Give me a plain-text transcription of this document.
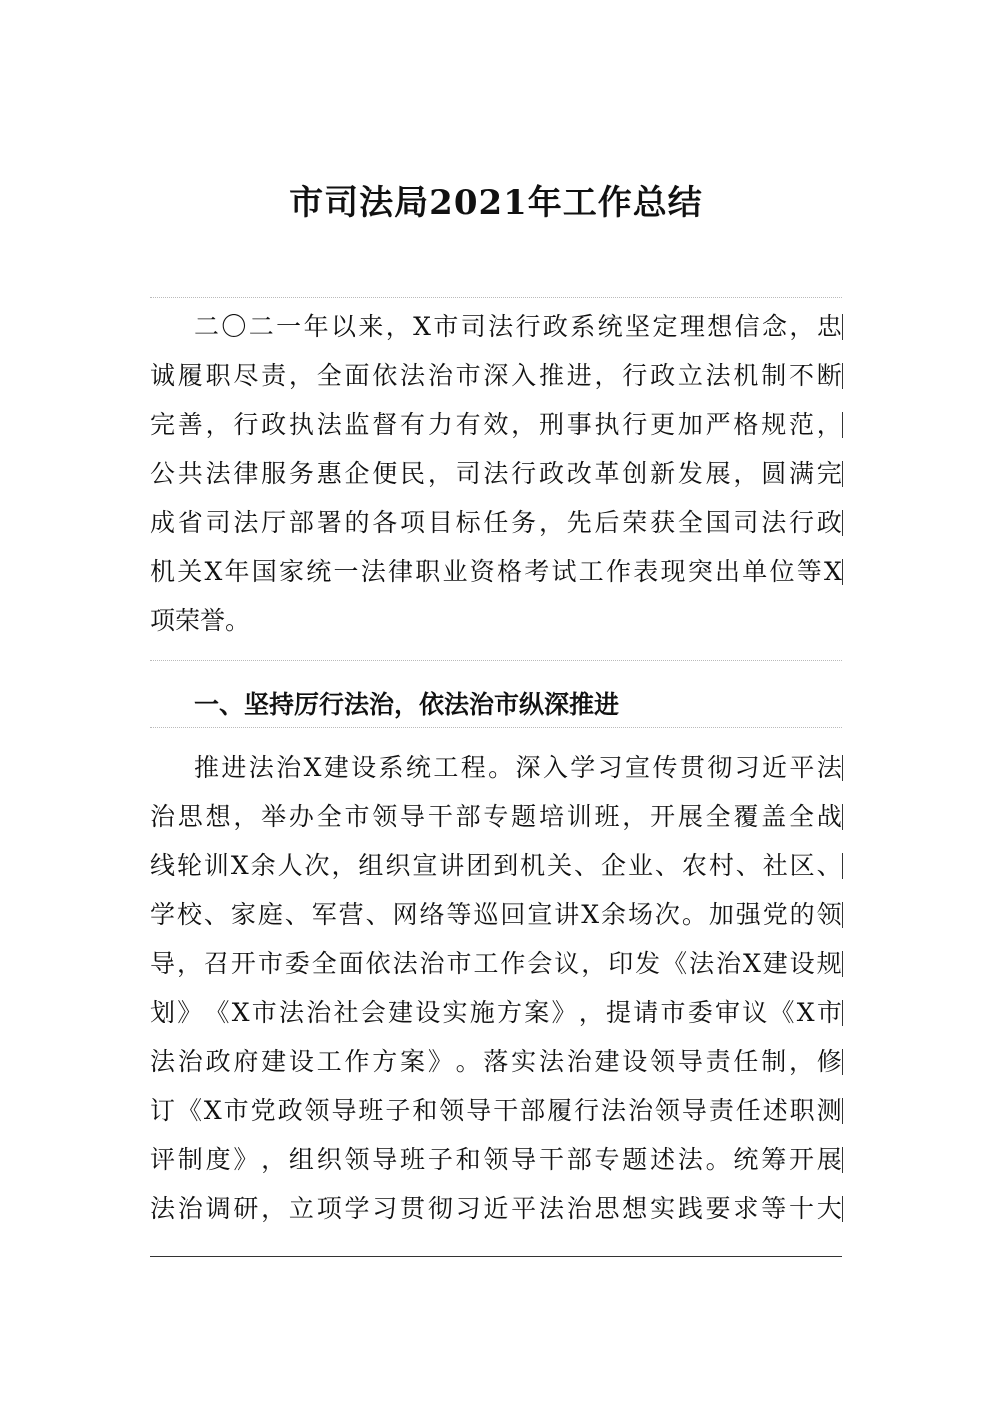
市司法局2021年工作总结
二 〇 二 一 年 以 来 ， X 市 司 法 行 政 系 统 坚 定 理 想 信 念 ， 忠
诚 履 职 尽 责 ， 全 面 依 法 治 市 深 入 推 进 ， 行 政 立 法 机 制 不 断
完 善 ， 行 政 执 法 监 督 有 力 有 效 ， 刑 事 执 行 更 加 严 格 规 范 ，
公 共 法 律 服 务 惠 企 便 民 ， 司 法 行 政 改 革 创 新 发 展 ， 圆 满 完
成 省 司 法 厅 部 署 的 各 项 目 标 任 务 ， 先 后 荣 获 全 国 司 法 行 政
机 关 X 年 国 家 统 一 法 律 职 业 资 格 考 试 工 作 表 现 突 出 单 位 等 X
项 荣 誉 。
一、坚持厉行法治，依法治市纵深推进
推 进 法 治 X 建 设 系 统 工 程 。 深 入 学 习 宣 传 贯 彻 习 近 平 法
治 思 想 ， 举 办 全 市 领 导 干 部 专 题 培 训 班 ， 开 展 全 覆 盖 全 战
线 轮 训 X 余 人 次 ， 组 织 宣 讲 团 到 机 关 、 企 业 、 农 村 、 社 区 、
学 校 、 家 庭 、 军 营 、 网 络 等 巡 回 宣 讲 X 余 场 次 。 加 强 党 的 领
导 ， 召 开 市 委 全 面 依 法 治 市 工 作 会 议 ， 印 发 《 法 治 X 建 设 规
划 》 《 X 市 法 治 社 会 建 设 实 施 方 案 》 ， 提 请 市 委 审 议 《 X 市
法 治 政 府 建 设 工 作 方 案 》 。 落 实 法 治 建 设 领 导 责 任 制 ， 修
订 《 X 市 党 政 领 导 班 子 和 领 导 干 部 履 行 法 治 领 导 责 任 述 职 测
评 制 度 》 ， 组 织 领 导 班 子 和 领 导 干 部 专 题 述 法 。 统 筹 开 展
法 治 调 研 ， 立 项 学 习 贯 彻 习 近 平 法 治 思 想 实 践 要 求 等 十 大
